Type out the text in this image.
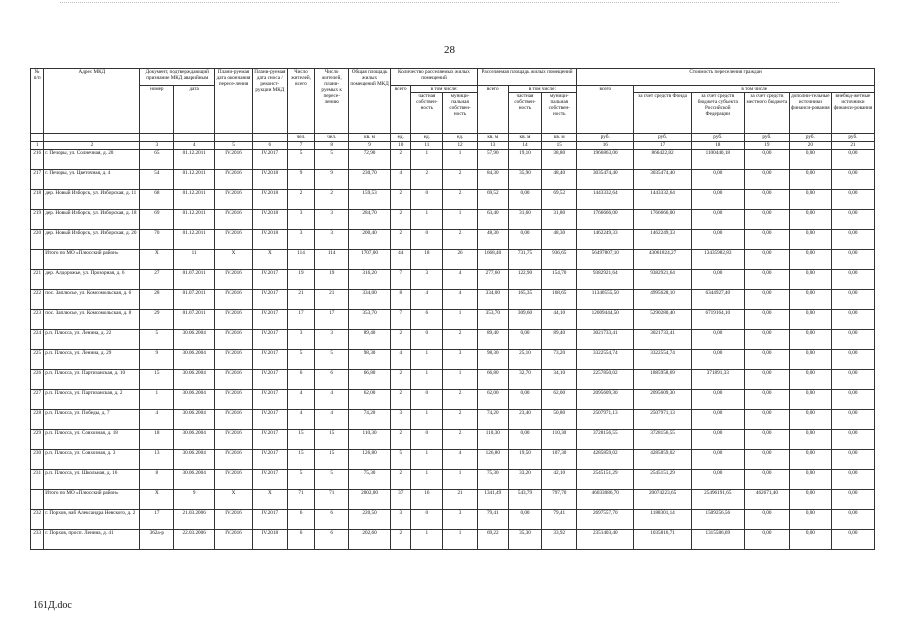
28
№ п/п	Адрес МКД	Документ, подтверждающий признание МКД аварийным		Плани-руемая дата окончания пересе-ления	Плани-руемая дата сноса / реконст-рукции МКД	Число жителей, всего	Число жителей, плани-руемых к пересе-лению	Общая площадь жилых помещений МКД	Количество расселяемых жилых помещений			Расселяемая площадь жилых помещений			Стоимость переселения граждан					
		номер	дата						всего	в том числе:		всего	в том числе:		всего	в том числе				
										частная собствен-ность	муници-пальная собствен-ность		частная собствен-ность	муници-пальная собствен-ность		за счет средств Фонда	за счет средств бюджета субъекта Российской Федерации	за счет средств местного бюджета	дополни-тельные источники финанси-рования	внебюд-жетные источники финанси-рования
						чел.	чел.	кв. м	ед.	ед.	ед.	кв. м	кв. м	кв. м	руб.	руб.	руб.	руб.	руб.	руб.
1	2	3	4	5	6	7	8	9	10	11	12	13	14	15	16	17	18	19	20	21
216	г. Печоры, ул. Солнечная, д. 20	65	01.12.2011	IV.2016	IV.2017	5	5	72,90	2	1	1	57,90	19,10	38,80	1966863,00	866422,82	1100440,18	0,00	0,00	0,00
217	г. Печоры, ул. Цветочная, д. 4	54	01.12.2011	IV.2016	IV.2018	9	9	230,70	4	2	2	84,30	35,90	48,40	3035474,40	3035474,40	0,00	0,00	0,00	0,00
218	дер. Новый Изборск, ул. Изборская, д. 11	68	01.12.2011	IV.2016	IV.2018	2	2	159,53	2	0	2	69,52	0,00	69,52	1443332,64	1443332,64	0,00	0,00	0,00	0,00
219	дер. Новый Изборск, ул. Изборская, д. 18	69	01.12.2011	IV.2016	IV.2018	3	3	284,70	2	1	1	63,40	31,60	31,80	1766666,00	1766666,00	0,00	0,00	0,00	0,00
220	дер. Новый Изборск, ул. Изборская, д. 20	70	01.12.2011	IV.2016	IV.2018	3	3	200,40	2	0	2	48,30	0,00	48,30	1462249,33	1462249,33	0,00	0,00	0,00	0,00
	Итого по МО «Плюсский район»	X	11	X	X	114	114	1707,00	44	18	26	1668,40	731,75	936,65	56497807,10	43061824,27	13435982,83	0,00	0,00	0,00
221	дер. Алдорожье, ул. Прозорная, д. 6	27	01.07.2011	IV.2016	IV.2017	19	19	316,20	7	3	4	277,60	122,90	154,70	9382921,64	9382921,64	0,00	0,00	0,00	0,00
222	пос. Заплюсье, ул. Комсомольская, д. 6	28	01.07.2011	IV.2016	IV.2017	21	21	334,00	8	4	4	334,00	165,35	168,65	11340555,50	4995628,10	6344927,40	0,00	0,00	0,00
223	пос. Заплюсье, ул. Комсомольская, д. 8	29	01.07.2011	IV.2016	IV.2017	17	17	353,70	7	6	1	353,70	309,60	44,10	12009444,50	5290280,40	6719164,10	0,00	0,00	0,00
224	р.п. Плюсса, ул. Ленина, д. 22	5	30.06.2004	IV.2016	IV.2017	3	3	89,40	2	0	2	89,40	0,00	89,40	3021733,41	3021733,41	0,00	0,00	0,00	0,00
225	р.п. Плюсса, ул. Ленина, д. 29	9	30.06.2004	IV.2016	IV.2017	5	5	98,30	4	1	3	98,30	25,10	73,20	3322554,74	3322554,74	0,00	0,00	0,00	0,00
226	р.п. Плюсса, ул. Партизанская, д. 10	15	30.06.2004	IV.2016	IV.2017	6	6	66,80	2	1	1	66,80	32,70	34,10	2257850,02	1885958,69	371891,33	0,00	0,00	0,00
227	р.п. Плюсса, ул. Партизанская, д. 2	1	30.06.2004	IV.2016	IV.2017	4	4	62,00	2	0	2	62,00	0,00	62,00	2095609,30	2095609,30	0,00	0,00	0,00	0,00
228	р.п. Плюсса, ул. Победы, д. 7	4	30.06.2004	IV.2016	IV.2017	4	4	74,20	3	1	2	74,20	23,40	50,80	2507971,13	2507971,13	0,00	0,00	0,00	0,00
229	р.п. Плюсса, ул. Совхозная, д. 18	18	30.06.2004	IV.2016	IV.2017	15	15	110,30	2	0	2	110,30	0,00	110,30	3728156,55	3728156,55	0,00	0,00	0,00	0,00
230	р.п. Плюсса, ул. Совхозная, д. 3	13	30.06.2004	IV.2016	IV.2017	15	15	126,80	5	1	4	126,80	19,50	107,30	4285859,02	4285859,02	0,00	0,00	0,00	0,00
231	р.п. Плюсса, ул. Школьная, д. 16	8	30.06.2004	IV.2016	IV.2017	5	5	75,30	2	1	1	75,30	33,20	42,10	2545151,29	2545151,29	0,00	0,00	0,00	0,00
	Итого по МО «Плюсский район»	X	9	X	X	71	71	2002,00	37	16	21	1341,49	543,79	797,70	46033086,70	20074223,65	25496191,65	462671,40	0,00	0,00
232	г. Порхов, наб Александра Невского, д. 2	17	21.03.2006	IV.2016	IV.2017	6	6	220,50	3	0	3	79,41	0,00	79,41	2697557,70	1188301,14	1509256,56	0,00	0,00	0,00
233	г. Порхов, просп. Ленина, д. 41	362а-р	22.03.2006	IV.2016	IV.2018	6	6	202,60	2	1	1	69,22	35,30	33,92	2351403,40	1035816,71	1315586,69	0,00	0,00	0,00
161Д.doc
